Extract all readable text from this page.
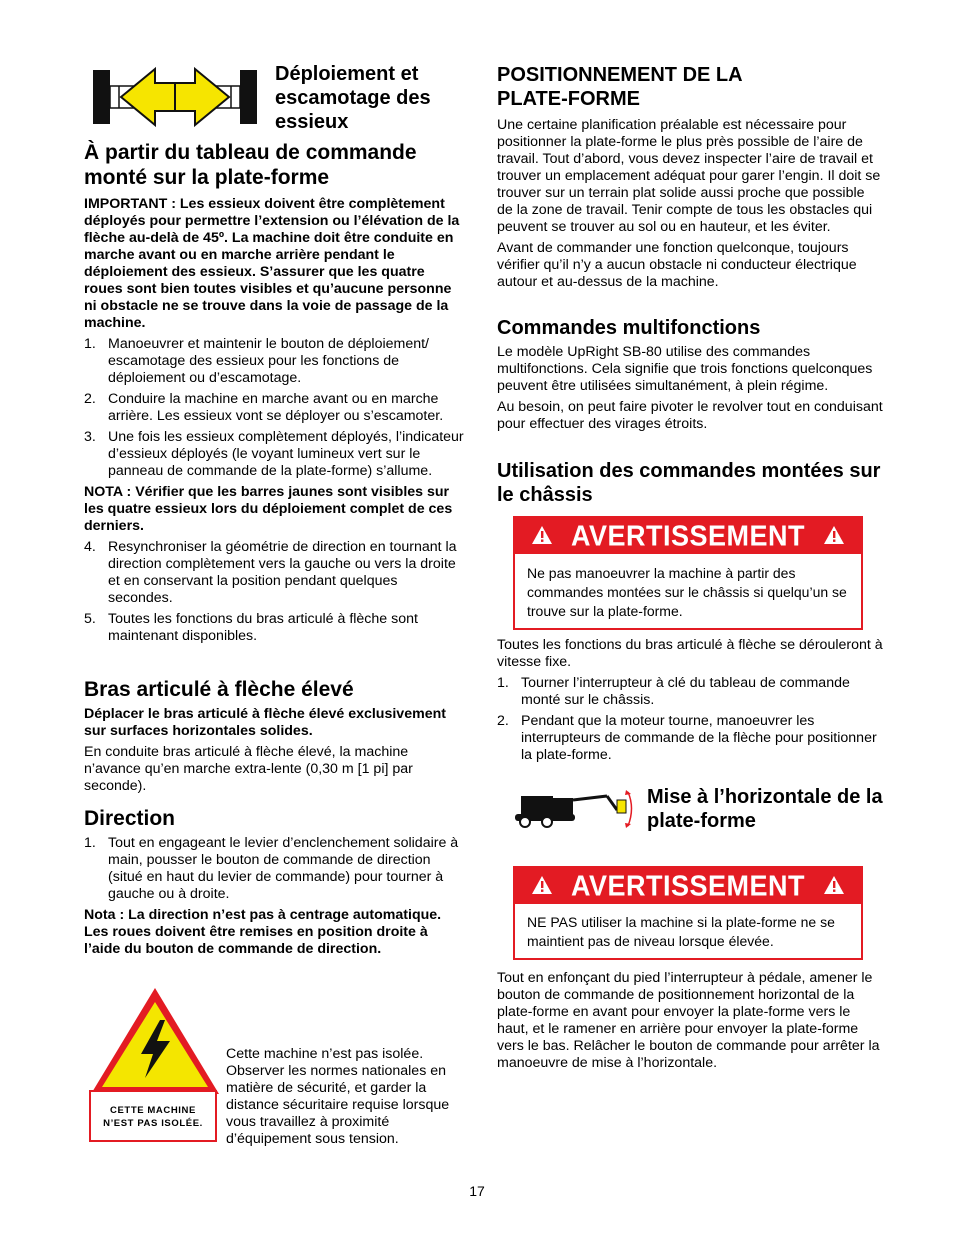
Déploiement et escamotage des essieux
À partir du tableau de commande monté sur la plate-forme

IMPORTANT : Les essieux doivent être complètement déployés pour permettre l’extension ou l’élévation de la flèche au-delà de 45º. La machine doit être conduite en marche avant ou en marche arrière pendant le déploiement des essieux. S’assurer que les quatre roues sont bien toutes visibles et qu’aucune personne ni obstacle ne se trouve dans la voie de passage de la machine.

1. Manoeuvrer et maintenir le bouton de déploiement/ escamotage des essieux pour les fonctions de déploiement ou d’escamotage.
2. Conduire la machine en marche avant ou en marche arrière. Les essieux vont se déployer ou s’escamoter.
3. Une fois les essieux complètement déployés, l’indicateur d’essieux déployés (le voyant lumineux vert sur le panneau de commande de la plate-forme) s’allume.

NOTA : Vérifier que les barres jaunes sont visibles sur les quatre essieux lors du déploiement complet de ces derniers.

4. Resynchroniser la géométrie de direction en tournant la direction complètement vers la gauche ou vers la droite et en conservant la position pendant quelques secondes.
5. Toutes les fonctions du bras articulé à flèche sont maintenant disponibles.
Bras articulé à flèche élevé

Déplacer le bras articulé à flèche élevé exclusivement sur surfaces horizontales solides.

En conduite bras articulé à flèche élevé, la machine n’avance qu’en marche extra-lente (0,30 m [1 pi] par seconde).

Direction
1. Tout en engageant le levier d’enclenchement solidaire à main, pousser le bouton de commande de direction (situé en haut du levier de commande) pour tourner à gauche ou à droite.

Nota : La direction n’est pas à centrage automatique. Les roues doivent être remises en position droite à l’aide du bouton de commande de direction.

CETTE MACHINE
N’EST PAS ISOLÉE.

Cette machine n’est pas isolée. Observer les normes nationales en matière de sécurité, et garder la distance sécuritaire requise lorsque vous travaillez à proximité d’équipement sous tension.

POSITIONNEMENT DE LA PLATE-FORME

Une certaine planification préalable est nécessaire pour positionner la plate-forme le plus près possible de l’aire de travail. Tout d’abord, vous devez inspecter l’aire de travail et trouver un emplacement adéquat pour garer l’engin. Il doit se trouver sur un terrain plat solide aussi proche que possible de la zone de travail. Tenir compte de tous les obstacles qui peuvent se trouver au sol ou en hauteur, et les éviter.

Avant de commander une fonction quelconque, toujours vérifier qu’il n’y a aucun obstacle ni conducteur électrique autour et au-dessus de la machine.

Commandes multifonctions

Le modèle UpRight SB-80 utilise des commandes multifonctions. Cela signifie que trois fonctions quelconques peuvent être utilisées simultanément, à plein régime.

Au besoin, on peut faire pivoter le revolver tout en conduisant pour effectuer des virages étroits.

Utilisation des commandes montées sur le châssis
AVERTISSEMENT
Ne pas manoeuvrer la machine à partir des commandes montées sur le châssis si quelqu’un se trouve sur la plate-forme.

Toutes les fonctions du bras articulé à flèche se dérouleront à vitesse fixe.

1. Tourner l’interrupteur à clé du tableau de commande monté sur le châssis.
2. Pendant que la moteur tourne, manoeuvrer les interrupteurs de commande de la flèche pour positionner la plate-forme.
Mise à l’horizontale de la plate-forme
AVERTISSEMENT
NE PAS utiliser la machine si la plate-forme ne se maintient pas de niveau lorsque élevée.

Tout en enfonçant du pied l’interrupteur à pédale, amener le bouton de commande de positionnement horizontal de la plate-forme en avant pour envoyer la plate-forme vers le haut, et le ramener en arrière pour envoyer la plate-forme vers le bas. Relâcher le bouton de commande pour arrêter la manoeuvre de mise à l’horizontale.

17
